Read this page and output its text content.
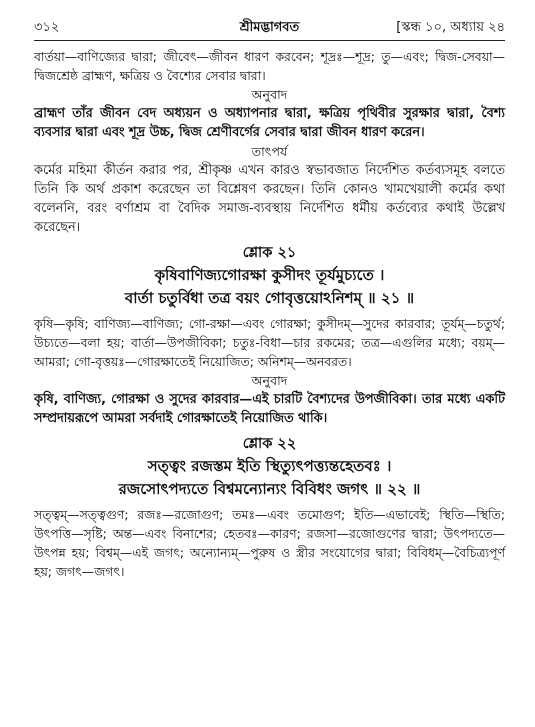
৩১২	শ্রীমদ্ভাগবত	[স্কন্ধ ১০, অধ্যায় ২৪

বার্তয়া—বাণিজ্যের দ্বারা; জীবেৎ—জীবন ধারণ করবেন; শূদ্রঃ—শূদ্র; তু—এবং; দ্বিজ-সেবয়া—দ্বিজশ্রেষ্ঠ ব্রাহ্মণ, ক্ষত্রিয় ও বৈশ্যের সেবার দ্বারা।

অনুবাদ

ব্রাহ্মণ তাঁর জীবন বেদ অধ্যয়ন ও অধ্যাপনার দ্বারা, ক্ষত্রিয় পৃথিবীর সুরক্ষার দ্বারা, বৈশ্য ব্যবসার দ্বারা এবং শূদ্র উচ্চ, দ্বিজ শ্রেণীবর্গের সেবার দ্বারা জীবন ধারণ করেন।

তাৎপর্য

কর্মের মহিমা কীর্তন করার পর, শ্রীকৃষ্ণ এখন কারও স্বভাবজাত নির্দেশিত কর্তব্যসমূহ বলতে তিনি কি অর্থ প্রকাশ করেছেন তা বিশ্লেষণ করছেন। তিনি কোনও খামখেয়ালী কর্মের কথা বলেননি, বরং বর্ণাশ্রম বা বৈদিক সমাজ-ব্যবস্থায় নির্দেশিত ধর্মীয় কর্তব্যের কথাই উল্লেখ করেছেন।

শ্লোক ২১

কৃষিবাণিজ্যগোরক্ষা কুসীদং তূর্যমুচ্যতে ।

বার্তা চতুর্বিধা তত্র বয়ং গোবৃত্তয়োঽনিশম্ ॥ ২১ ॥

কৃষি—কৃষি; বাণিজ্য—বাণিজ্য; গো-রক্ষা—এবং গোরক্ষা; কুসীদম্—সুদের কারবার; তূর্যম্—চতুর্থ; উচ্যতে—বলা হয়; বার্তা—উপজীবিকা; চতুঃ-বিধা—চার রকমের; তত্র—এগুলির মধ্যে; বয়ম্—আমরা; গো-বৃত্তয়ঃ—গোরক্ষাতেই নিয়োজিত; অনিশম্—অনবরত।

অনুবাদ

কৃষি, বাণিজ্য, গোরক্ষা ও সুদের কারবার—এই চারটি বৈশ্যদের উপজীবিকা। তার মধ্যে একটি সম্প্রদায়রূপে আমরা সর্বদাই গোরক্ষাতেই নিয়োজিত থাকি।

শ্লোক ২২

সত্ত্বং রজস্তম ইতি স্থিত্যুৎপত্ত্যন্তহেতবঃ ।

রজসোৎপদ্যতে বিশ্বমন্যোন্যং বিবিধং জগৎ ॥ ২২ ॥

সত্ত্বম্—সত্ত্বগুণ; রজঃ—রজোগুণ; তমঃ—এবং তমোগুণ; ইতি—এভাবেই; স্থিতি—স্থিতি; উৎপত্তি—সৃষ্টি; অন্ত—এবং বিনাশের; হেতবঃ—কারণ; রজসা—রজোগুণের দ্বারা; উৎপদ্যতে—উৎপন্ন হয়; বিশ্বম্—এই জগৎ; অন্যোন্যম্—পুরুষ ও স্ত্রীর সংযোগের দ্বারা; বিবিধম্—বৈচিত্র্যপূর্ণ হয়; জগৎ—জগৎ।
